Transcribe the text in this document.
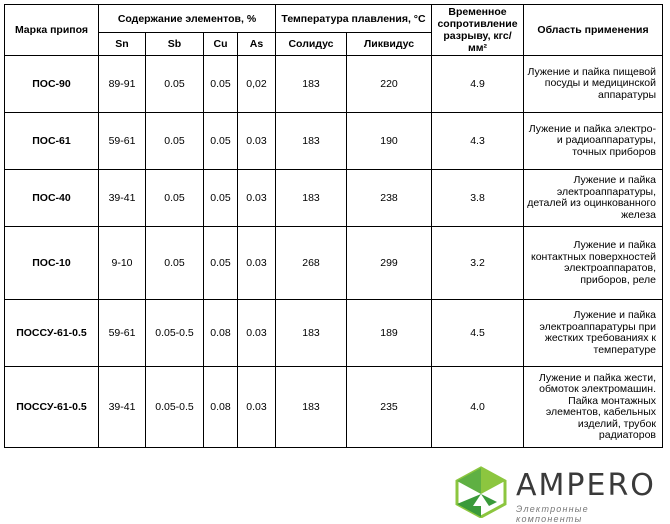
Марка припоя	Содержание элементов, %				Температура плавления, °C		Временное сопротивление разрыву, кгс/мм²	Область применения
	Sn	Sb	Cu	As	Солидус	Ликвидус		
ПОС-90	89-91	0.05	0.05	0,02	183	220	4.9	Лужение и пайка пищевой посуды и медицинской аппаратуры
ПОС-61	59-61	0.05	0.05	0.03	183	190	4.3	Лужение и пайка электро- и радиоаппаратуры, точных приборов
ПОС-40	39-41	0.05	0.05	0.03	183	238	3.8	Лужение и пайка электроаппаратуры, деталей из оцинкованного железа
ПОС-10	9-10	0.05	0.05	0.03	268	299	3.2	Лужение и пайка контактных поверхностей электроаппаратов, приборов, реле
ПОССУ-61-0.5	59-61	0.05-0.5	0.08	0.03	183	189	4.5	Лужение и пайка электроаппаратуры при жестких требованиях к температуре
ПОССУ-61-0.5	39-41	0.05-0.5	0.08	0.03	183	235	4.0	Лужение и пайка жести, обмоток электромашин. Пайка монтажных элементов, кабельных изделий, трубок радиаторов
AMPERO
Электронные компоненты
